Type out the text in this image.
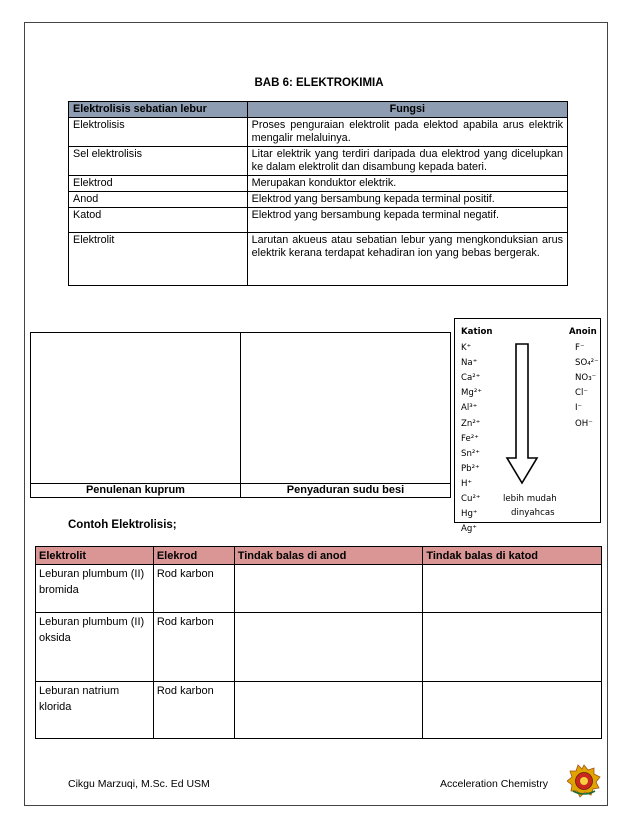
BAB 6: ELEKTROKIMIA
Elektrolisis sebatian lebur	Fungsi
Elektrolisis	Proses penguraian elektrolit pada elektod apabila arus elektrik mengalir melaluinya.
Sel elektrolisis	Litar elektrik yang terdiri daripada dua elektrod yang dicelupkan ke dalam elektrolit dan disambung kepada bateri.
Elektrod	Merupakan konduktor elektrik.
Anod	Elektrod yang bersambung kepada terminal positif.
Katod	Elektrod yang bersambung kepada terminal negatif.
Elektrolit	Larutan akueus atau sebatian lebur yang mengkonduksian arus elektrik kerana terdapat kehadiran ion yang bebas bergerak.

Penulenan kuprum	Penyaduran sudu besi
Kation	Anoin
K⁺
Na⁺
Ca²⁺
Mg²⁺
Al³⁺
Zn²⁺
Fe²⁺
Sn²⁺
Pb²⁺
H⁺
Cu²⁺
Hg⁺
Ag⁺
F⁻
SO₄²⁻
NO₃⁻
Cl⁻
I⁻
OH⁻
lebih mudah
dinyahcas
Contoh Elektrolisis;
Elektrolit	Elekrod	Tindak balas di anod	Tindak balas di katod
Leburan plumbum (II) bromida	Rod karbon		
Leburan plumbum (II) oksida	Rod karbon		
Leburan natrium klorida	Rod karbon		
Cikgu Marzuqi, M.Sc. Ed USM	Acceleration Chemistry
